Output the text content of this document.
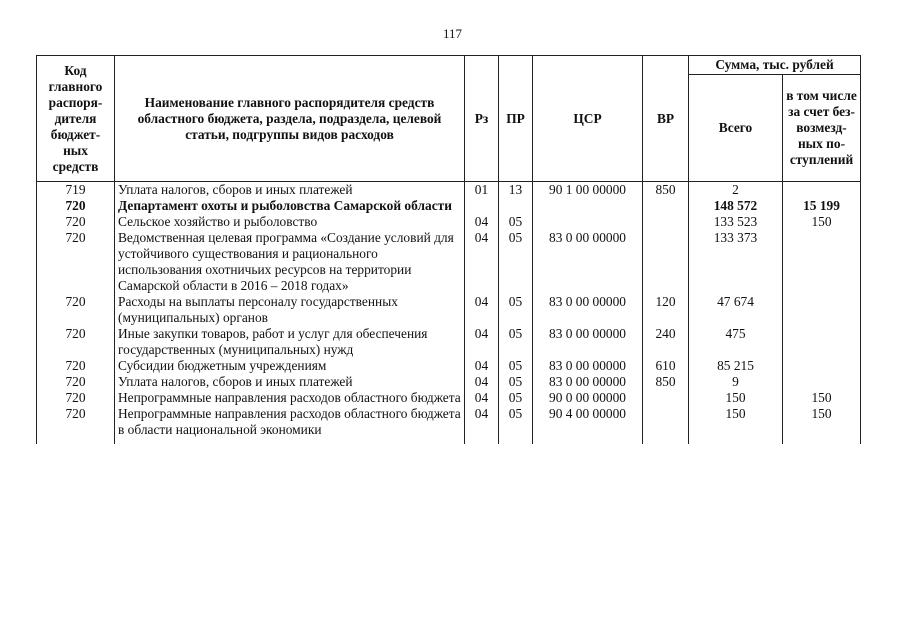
117
Код главного распоря-дителя бюджет-ных средств	Наименование главного распорядителя средств областного бюджета, раздела, подраздела, целевой статьи, подгруппы видов расходов	Рз	ПР	ЦСР	ВР	Сумма, тыс. рублей	
						Всего	в том числе за счет без-возмезд-ных по-ступлений
719	Уплата налогов, сборов и иных платежей	01	13	90 1 00 00000	850	2	
720	Департамент охоты и рыболовства Самарской области					148 572	15 199
720	Сельское хозяйство и рыболовство	04	05			133 523	150
720	Ведомственная целевая программа «Создание условий для устойчивого существования и рационального использования охотничьих ресурсов на территории Самарской области в 2016 – 2018 годах»	04	05	83 0 00 00000		133 373	
720	Расходы на выплаты персоналу государственных (муниципальных) органов	04	05	83 0 00 00000	120	47 674	
720	Иные закупки товаров, работ и услуг для обеспечения государственных (муниципальных) нужд	04	05	83 0 00 00000	240	475	
720	Субсидии бюджетным учреждениям	04	05	83 0 00 00000	610	85 215	
720	Уплата налогов, сборов и иных платежей	04	05	83 0 00 00000	850	9	
720	Непрограммные направления расходов областного бюджета	04	05	90 0 00 00000		150	150
720	Непрограммные направления расходов областного бюджета в области национальной экономики	04	05	90 4 00 00000		150	150
